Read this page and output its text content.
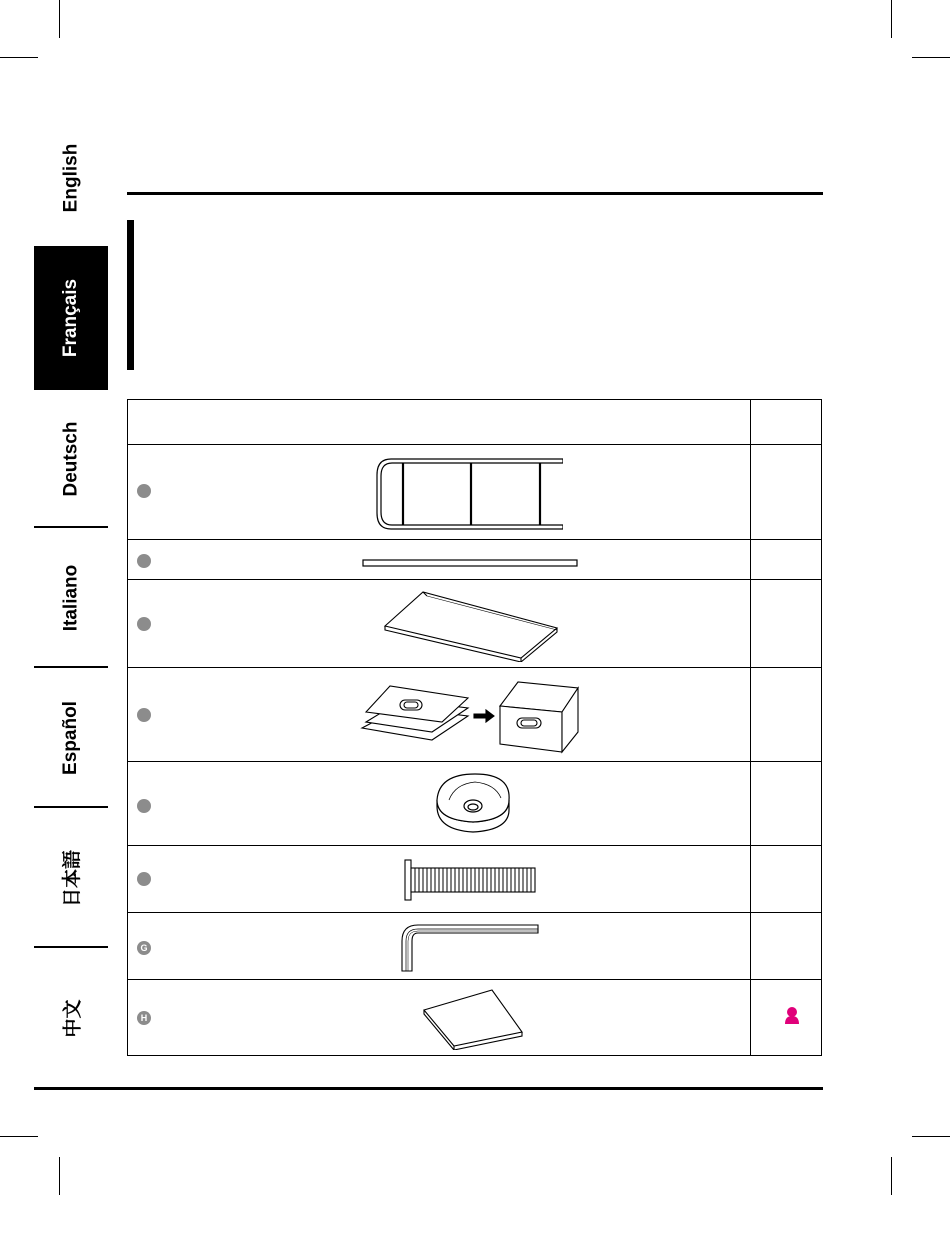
English
Français
Deutsch
Italiano
Español
日本語
中文
G
H
